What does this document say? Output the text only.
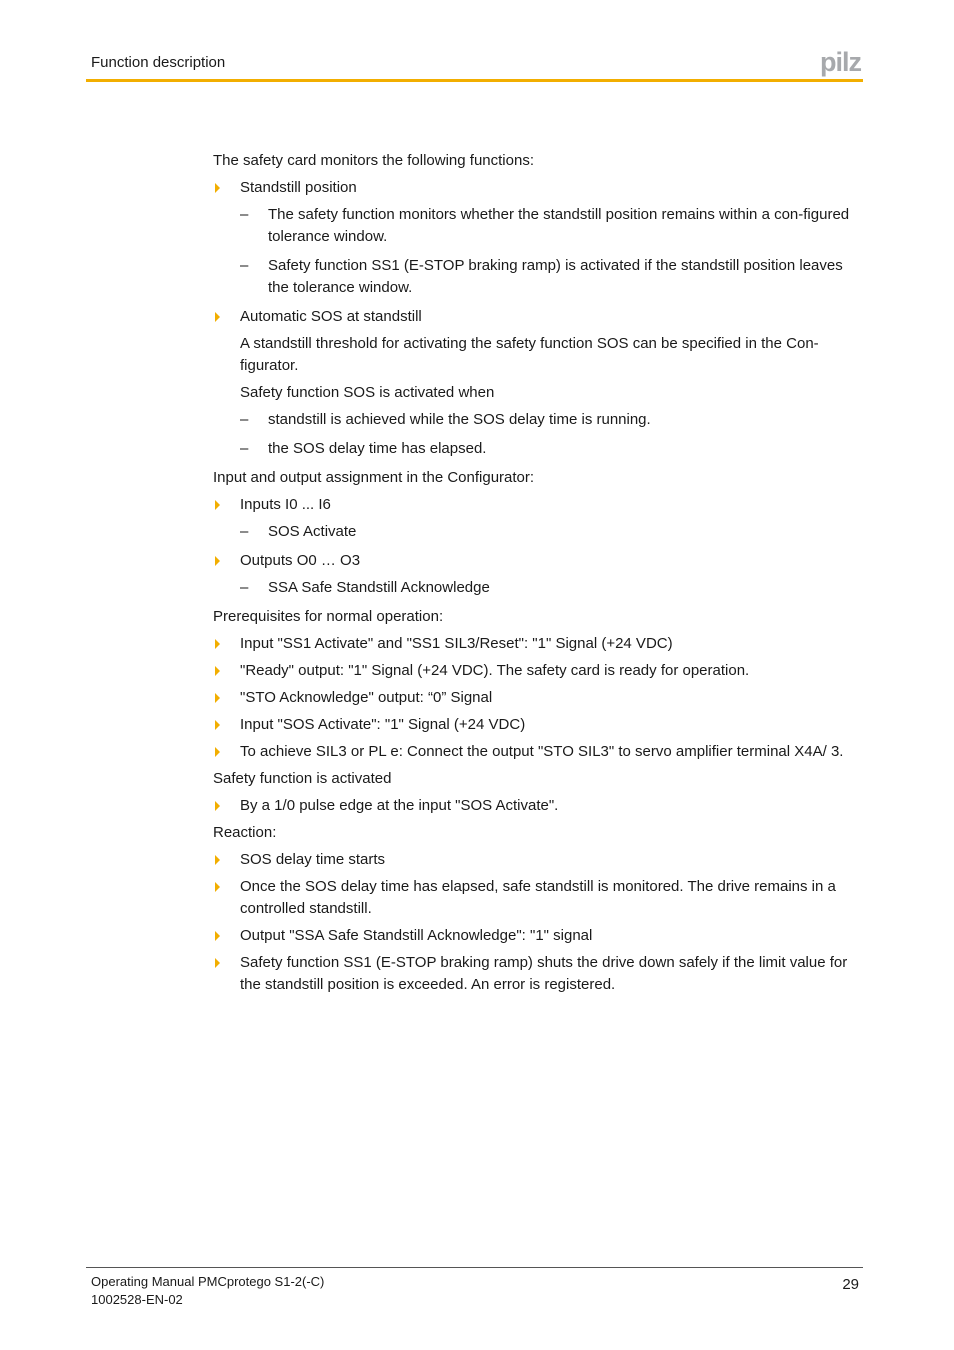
Function description	pilz

The safety card monitors the following functions:

Standstill position
– The safety function monitors whether the standstill position remains within a con-figured tolerance window.
– Safety function SS1 (E-STOP braking ramp) is activated if the standstill position leaves the tolerance window.
Automatic SOS at standstill

A standstill threshold for activating the safety function SOS can be specified in the Con-figurator.

Safety function SOS is activated when

– standstill is achieved while the SOS delay time is running.
– the SOS delay time has elapsed.

Input and output assignment in the Configurator:

Inputs I0 ... I6
– SOS Activate
Outputs O0 … O3
– SSA Safe Standstill Acknowledge

Prerequisites for normal operation:

Input "SS1 Activate" and "SS1 SIL3/Reset": "1" Signal (+24 VDC)
"Ready" output: "1" Signal (+24 VDC). The safety card is ready for operation.
"STO Acknowledge" output: “0” Signal
Input "SOS Activate": "1" Signal (+24 VDC)
To achieve SIL3 or PL e: Connect the output "STO SIL3" to servo amplifier terminal X4A/ 3.

Safety function is activated

By a 1/0 pulse edge at the input "SOS Activate".

Reaction:

SOS delay time starts
Once the SOS delay time has elapsed, safe standstill is monitored. The drive remains in a controlled standstill.
Output "SSA Safe Standstill Acknowledge": "1" signal
Safety function SS1 (E-STOP braking ramp) shuts the drive down safely if the limit value for the standstill position is exceeded. An error is registered.
Operating Manual PMCprotego S1-2(-C)
1002528-EN-02
29
